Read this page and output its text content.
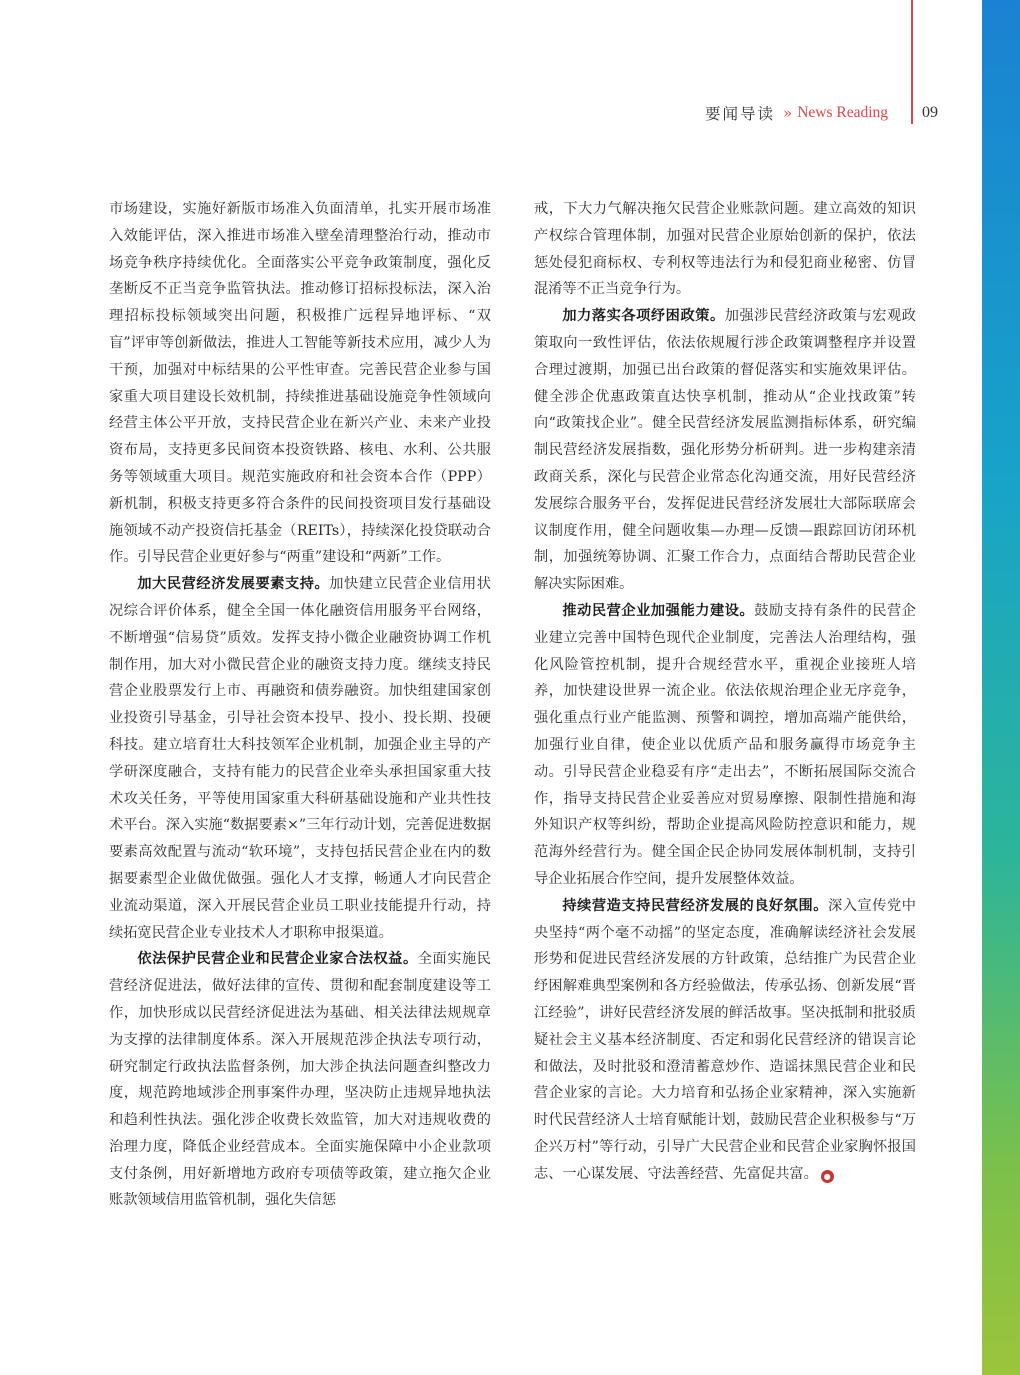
要闻导读 » News Reading 09

市场建设，实施好新版市场准入负面清单，扎实开展市场准入效能评估，深入推进市场准入壁垒清理整治行动，推动市场竞争秩序持续优化。全面落实公平竞争政策制度，强化反垄断反不正当竞争监管执法。推动修订招标投标法，深入治理招标投标领域突出问题，积极推广远程异地评标、“双盲”评审等创新做法，推进人工智能等新技术应用，减少人为干预，加强对中标结果的公平性审查。完善民营企业参与国家重大项目建设长效机制，持续推进基础设施竞争性领域向经营主体公平开放，支持民营企业在新兴产业、未来产业投资布局，支持更多民间资本投资铁路、核电、水利、公共服务等领域重大项目。规范实施政府和社会资本合作（PPP）新机制，积极支持更多符合条件的民间投资项目发行基础设施领域不动产投资信托基金（REITs），持续深化投贷联动合作。引导民营企业更好参与“两重”建设和“两新”工作。

加大民营经济发展要素支持。加快建立民营企业信用状况综合评价体系，健全全国一体化融资信用服务平台网络，不断增强“信易贷”质效。发挥支持小微企业融资协调工作机制作用，加大对小微民营企业的融资支持力度。继续支持民营企业股票发行上市、再融资和债券融资。加快组建国家创业投资引导基金，引导社会资本投早、投小、投长期、投硬科技。建立培育壮大科技领军企业机制，加强企业主导的产学研深度融合，支持有能力的民营企业牵头承担国家重大技术攻关任务，平等使用国家重大科研基础设施和产业共性技术平台。深入实施“数据要素×”三年行动计划，完善促进数据要素高效配置与流动“软环境”，支持包括民营企业在内的数据要素型企业做优做强。强化人才支撑，畅通人才向民营企业流动渠道，深入开展民营企业员工职业技能提升行动，持续拓宽民营企业专业技术人才职称申报渠道。

依法保护民营企业和民营企业家合法权益。全面实施民营经济促进法，做好法律的宣传、贯彻和配套制度建设等工作，加快形成以民营经济促进法为基础、相关法律法规规章为支撑的法律制度体系。深入开展规范涉企执法专项行动，研究制定行政执法监督条例，加大涉企执法问题查纠整改力度，规范跨地域涉企刑事案件办理，坚决防止违规异地执法和趋利性执法。强化涉企收费长效监管，加大对违规收费的治理力度，降低企业经营成本。全面实施保障中小企业款项支付条例，用好新增地方政府专项债等政策，建立拖欠企业账款领域信用监管机制，强化失信惩

戒，下大力气解决拖欠民营企业账款问题。建立高效的知识产权综合管理体制，加强对民营企业原始创新的保护，依法惩处侵犯商标权、专利权等违法行为和侵犯商业秘密、仿冒混淆等不正当竞争行为。

加力落实各项纾困政策。加强涉民营经济政策与宏观政策取向一致性评估，依法依规履行涉企政策调整程序并设置合理过渡期，加强已出台政策的督促落实和实施效果评估。健全涉企优惠政策直达快享机制，推动从“企业找政策”转向“政策找企业”。健全民营经济发展监测指标体系，研究编制民营经济发展指数，强化形势分析研判。进一步构建亲清政商关系，深化与民营企业常态化沟通交流，用好民营经济发展综合服务平台，发挥促进民营经济发展壮大部际联席会议制度作用，健全问题收集—办理—反馈—跟踪回访闭环机制，加强统筹协调、汇聚工作合力，点面结合帮助民营企业解决实际困难。

推动民营企业加强能力建设。鼓励支持有条件的民营企业建立完善中国特色现代企业制度，完善法人治理结构，强化风险管控机制，提升合规经营水平，重视企业接班人培养，加快建设世界一流企业。依法依规治理企业无序竞争，强化重点行业产能监测、预警和调控，增加高端产能供给，加强行业自律，使企业以优质产品和服务赢得市场竞争主动。引导民营企业稳妥有序“走出去”，不断拓展国际交流合作，指导支持民营企业妥善应对贸易摩擦、限制性措施和海外知识产权等纠纷，帮助企业提高风险防控意识和能力，规范海外经营行为。健全国企民企协同发展体制机制，支持引导企业拓展合作空间，提升发展整体效益。

持续营造支持民营经济发展的良好氛围。深入宣传党中央坚持“两个毫不动摇”的坚定态度，准确解读经济社会发展形势和促进民营经济发展的方针政策，总结推广为民营企业纾困解难典型案例和各方经验做法，传承弘扬、创新发展“晋江经验”，讲好民营经济发展的鲜活故事。坚决抵制和批驳质疑社会主义基本经济制度、否定和弱化民营经济的错误言论和做法，及时批驳和澄清蓄意炒作、造谣抹黑民营企业和民营企业家的言论。大力培育和弘扬企业家精神，深入实施新时代民营经济人士培育赋能计划，鼓励民营企业积极参与“万企兴万村”等行动，引导广大民营企业和民营企业家胸怀报国志、一心谋发展、守法善经营、先富促共富。 ●
